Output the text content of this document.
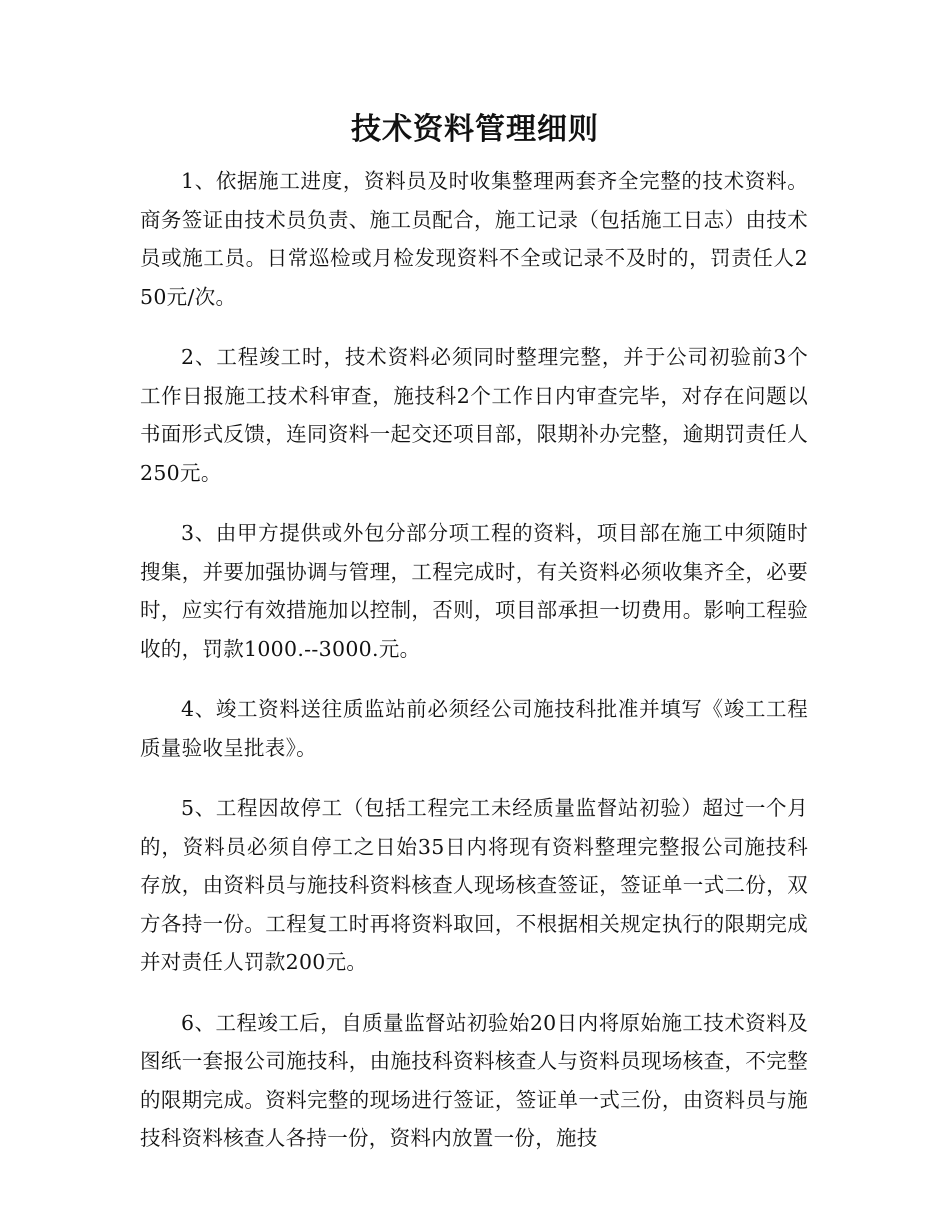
技术资料管理细则

1、依据施工进度，资料员及时收集整理两套齐全完整的技术资料。商务签证由技术员负责、施工员配合，施工记录（包括施工日志）由技术员或施工员。日常巡检或月检发现资料不全或记录不及时的，罚责任人250元/次。

2、工程竣工时，技术资料必须同时整理完整，并于公司初验前3个工作日报施工技术科审查，施技科2个工作日内审查完毕，对存在问题以书面形式反馈，连同资料一起交还项目部，限期补办完整，逾期罚责任人250元。

3、由甲方提供或外包分部分项工程的资料，项目部在施工中须随时搜集，并要加强协调与管理，工程完成时，有关资料必须收集齐全，必要时，应实行有效措施加以控制，否则，项目部承担一切费用。影响工程验收的，罚款1000.--3000.元。

4、竣工资料送往质监站前必须经公司施技科批准并填写《竣工工程质量验收呈批表》。

5、工程因故停工（包括工程完工未经质量监督站初验）超过一个月的，资料员必须自停工之日始35日内将现有资料整理完整报公司施技科存放，由资料员与施技科资料核查人现场核查签证，签证单一式二份，双方各持一份。工程复工时再将资料取回，不根据相关规定执行的限期完成并对责任人罚款200元。

6、工程竣工后，自质量监督站初验始20日内将原始施工技术资料及图纸一套报公司施技科，由施技科资料核查人与资料员现场核查，不完整的限期完成。资料完整的现场进行签证，签证单一式三份，由资料员与施技科资料核查人各持一份，资料内放置一份，施技
